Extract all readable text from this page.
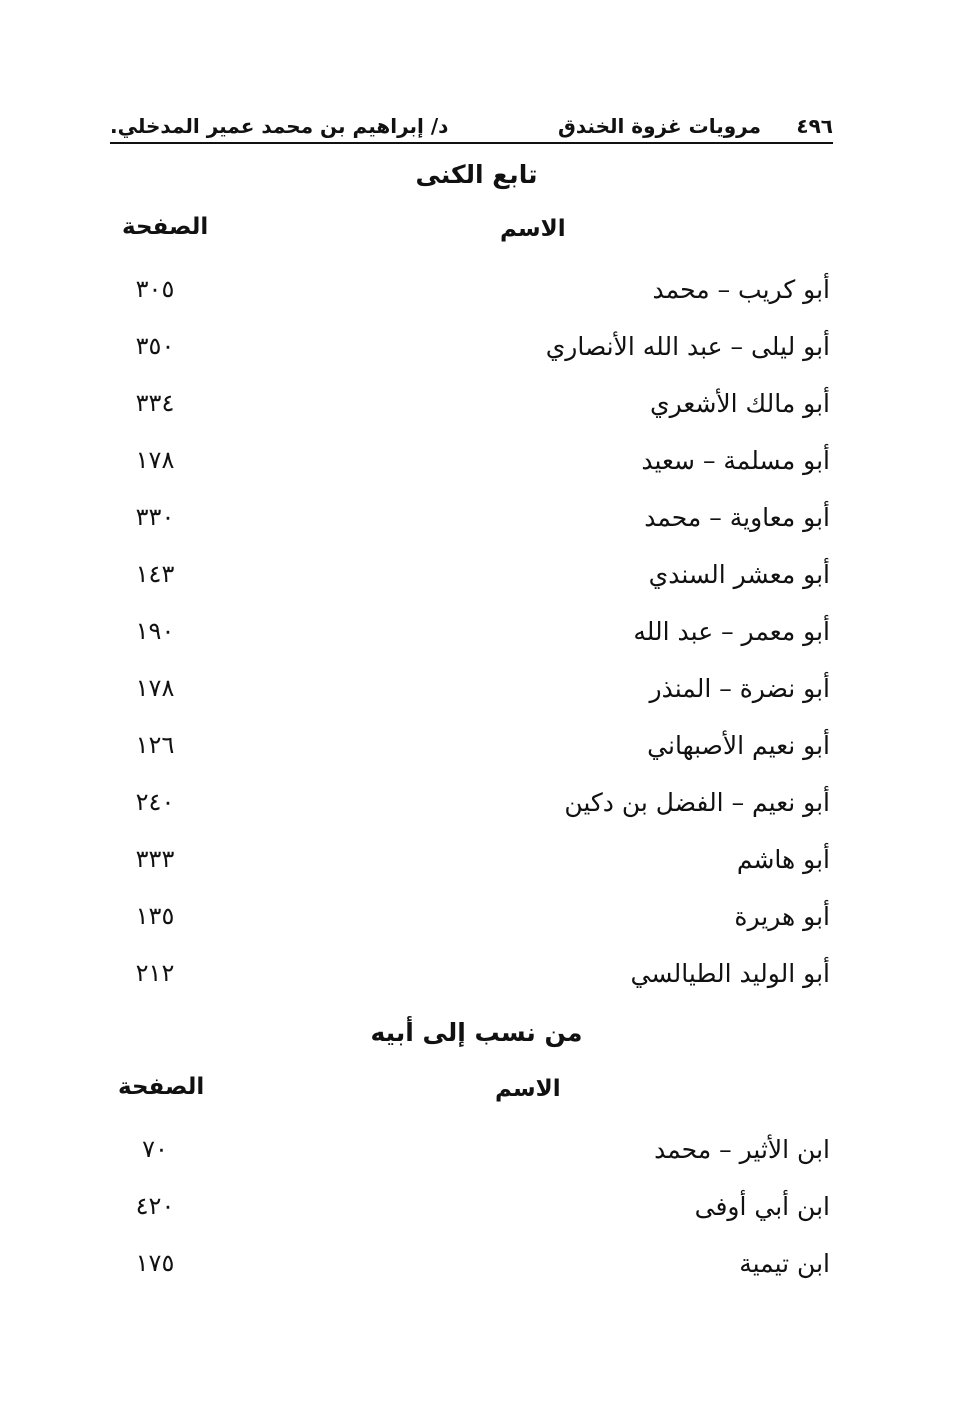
٤٩٦
مرويات غزوة الخندق
د/ إبراهيم بن محمد عمير المدخلي.
تابع الكنى
الاسم
الصفحة
أبو كريب – محمد
٣٠٥
أبو ليلى – عبد الله الأنصاري
٣٥٠
أبو مالك الأشعري
٣٣٤
أبو مسلمة – سعيد
١٧٨
أبو معاوية – محمد
٣٣٠
أبو معشر السندي
١٤٣
أبو معمر – عبد الله
١٩٠
أبو نضرة – المنذر
١٧٨
أبو نعيم الأصبهاني
١٢٦
أبو نعيم – الفضل بن دكين
٢٤٠
أبو هاشم
٣٣٣
أبو هريرة
١٣٥
أبو الوليد الطيالسي
٢١٢
من نسب إلى أبيه
الاسم
الصفحة
ابن الأثير – محمد
٧٠
ابن أبي أوفى
٤٢٠
ابن تيمية
١٧٥
